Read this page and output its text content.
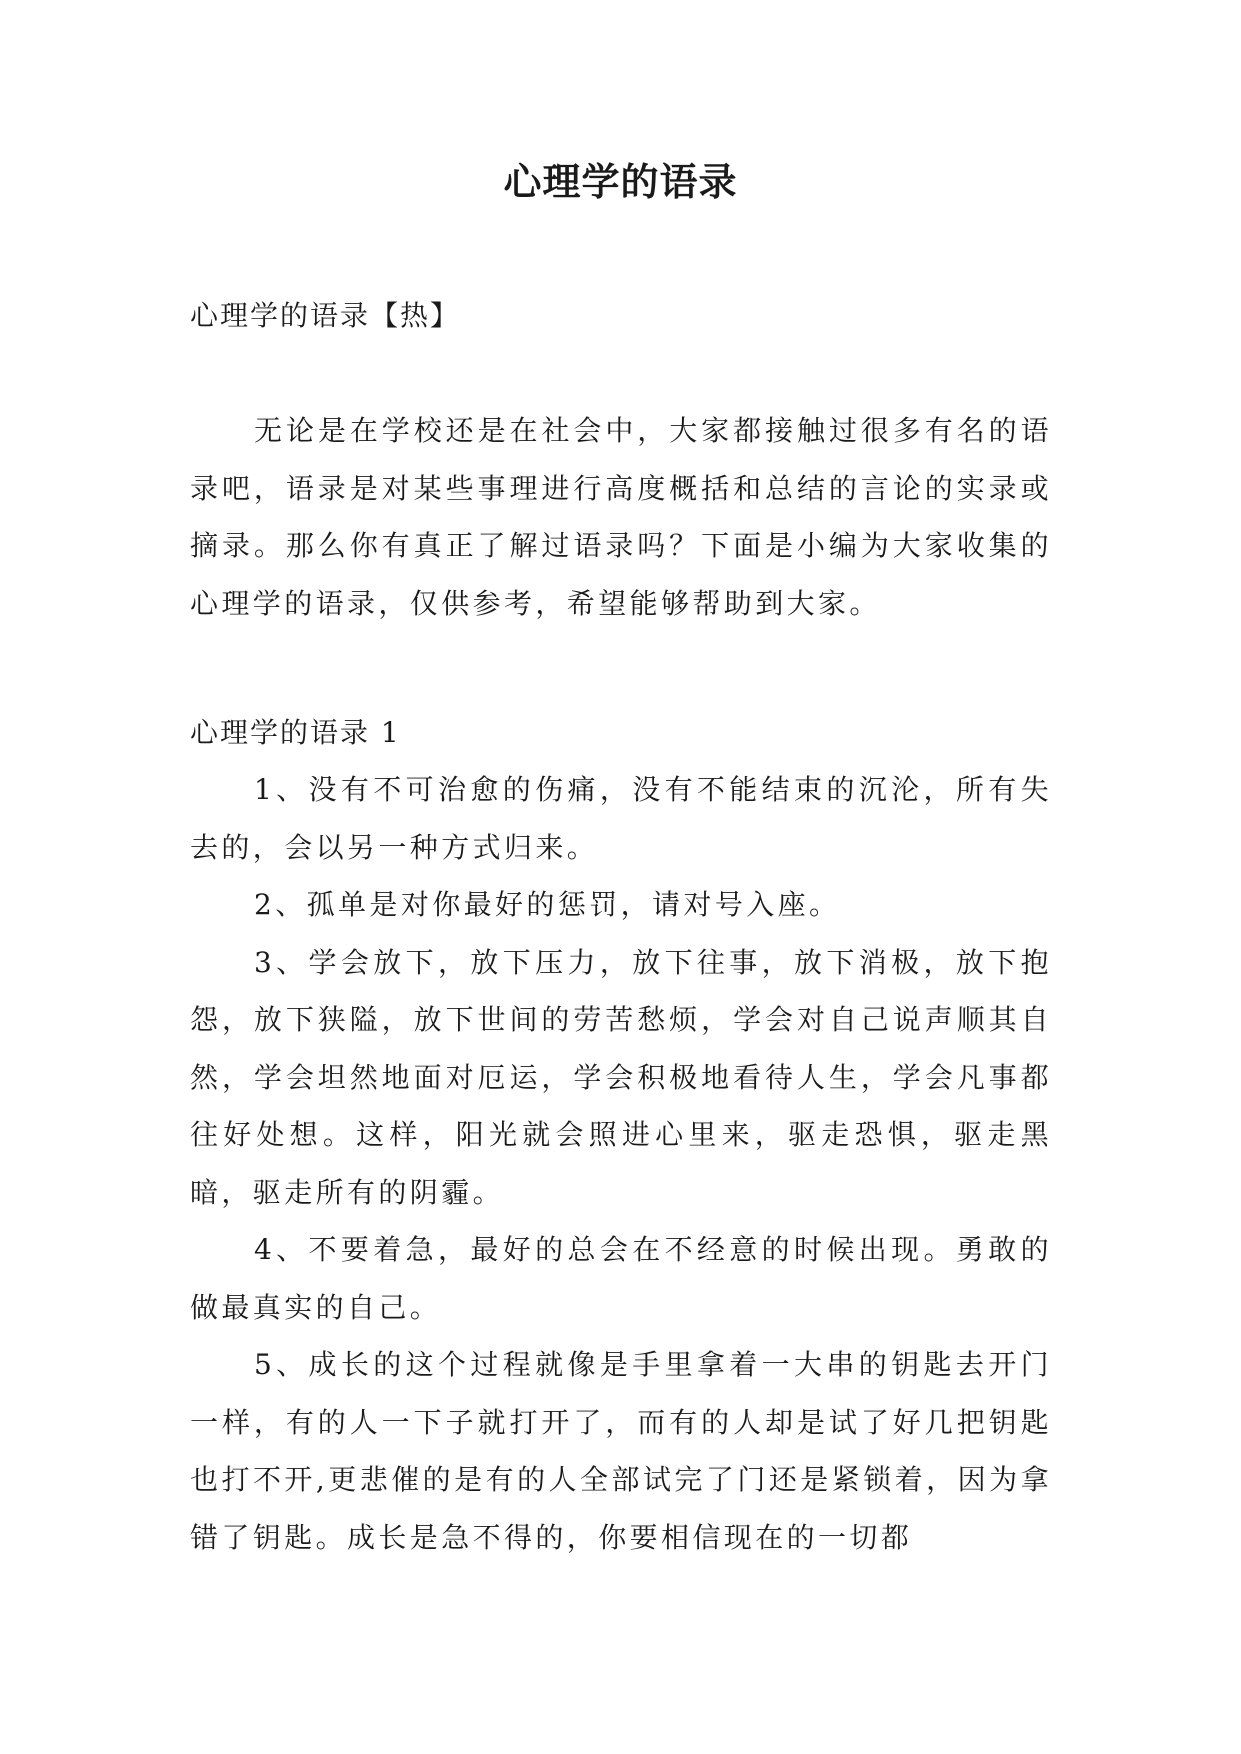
心理学的语录
心理学的语录【热】

无论是在学校还是在社会中，大家都接触过很多有名的语录吧，语录是对某些事理进行高度概括和总结的言论的实录或摘录。那么你有真正了解过语录吗？下面是小编为大家收集的心理学的语录，仅供参考，希望能够帮助到大家。

心理学的语录 1

1、没有不可治愈的伤痛，没有不能结束的沉沦，所有失去的，会以另一种方式归来。

2、孤单是对你最好的惩罚，请对号入座。

3、学会放下，放下压力，放下往事，放下消极，放下抱怨，放下狭隘，放下世间的劳苦愁烦，学会对自己说声顺其自然，学会坦然地面对厄运，学会积极地看待人生，学会凡事都往好处想。这样，阳光就会照进心里来，驱走恐惧，驱走黑暗，驱走所有的阴霾。

4、不要着急，最好的总会在不经意的时候出现。勇敢的做最真实的自己。

5、成长的这个过程就像是手里拿着一大串的钥匙去开门一样，有的人一下子就打开了，而有的人却是试了好几把钥匙也打不开,更悲催的是有的人全部试完了门还是紧锁着，因为拿错了钥匙。成长是急不得的，你要相信现在的一切都
